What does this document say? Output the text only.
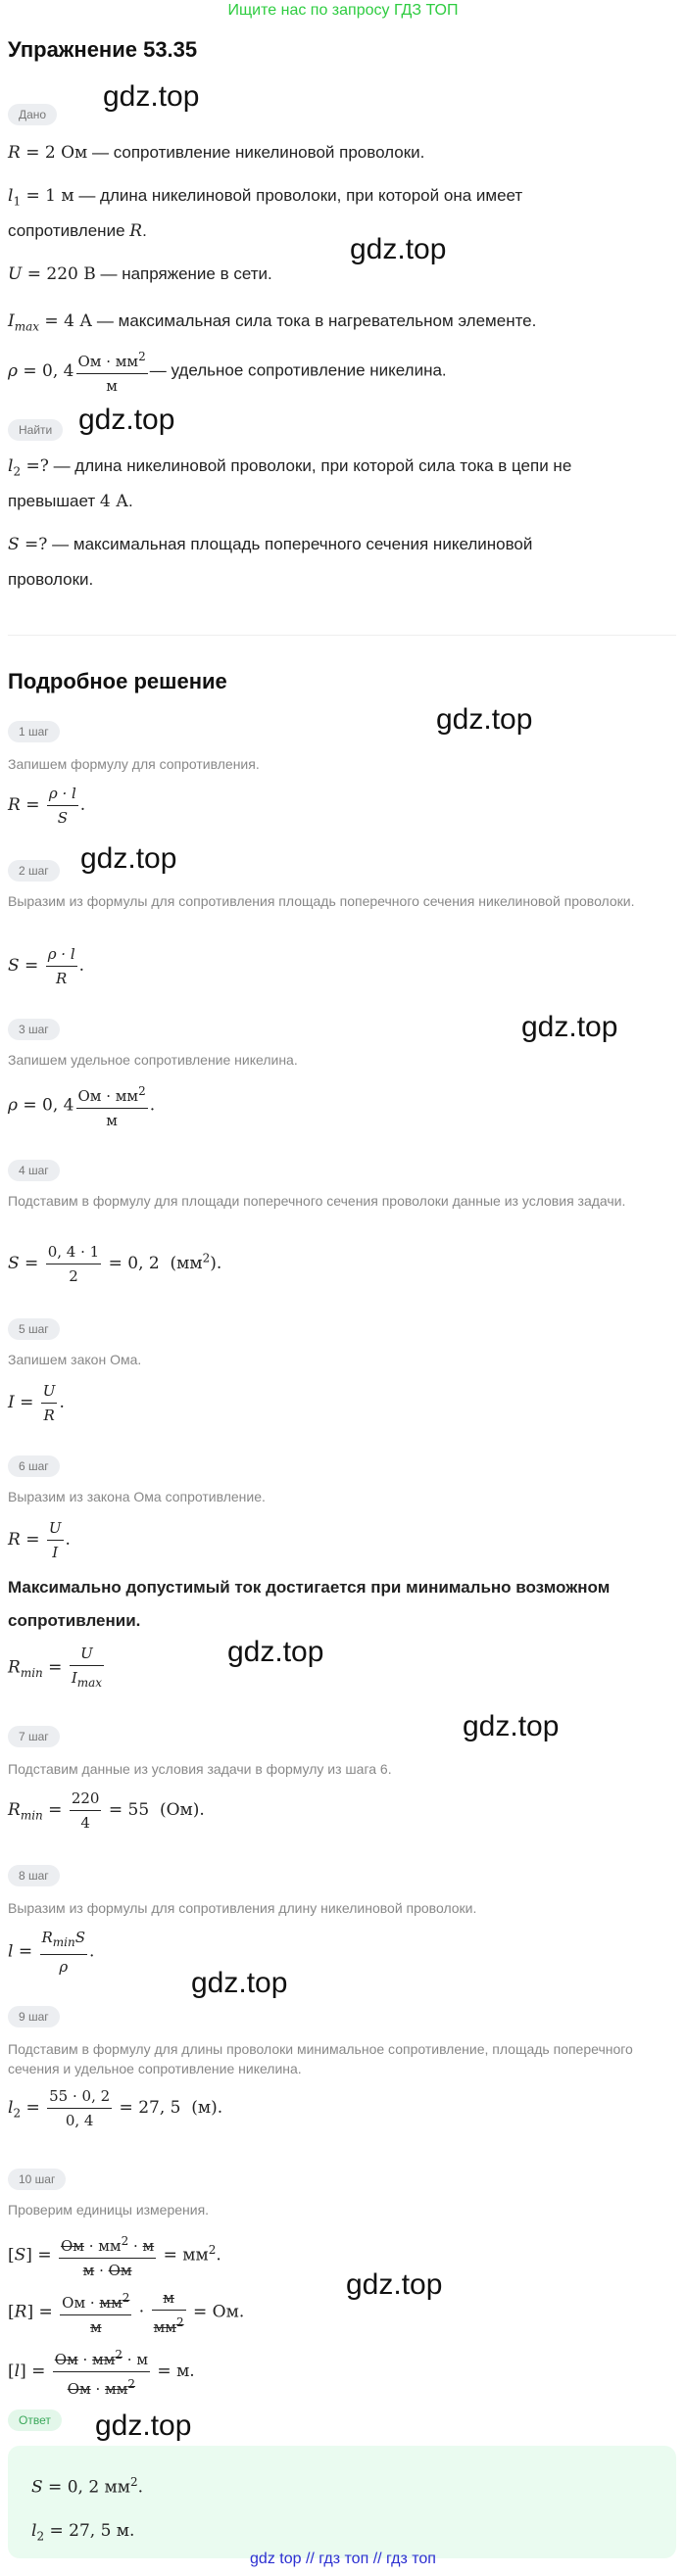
Ищите нас по запросу ГДЗ ТОП
Упражнение 53.35
gdz.top
gdz.top
gdz.top
gdz.top
gdz.top
gdz.top
gdz.top
gdz.top
gdz.top
gdz.top
gdz.top
Дано
R = 2 Ом — сопротивление никелиновой проволоки.
$l_1 = 1$ м — длина никелиновой проволоки, при которой она имеет
сопротивление R.
U = 220 В — напряжение в сети.
$I_{max} = 4$ А — максимальная сила тока в нагревательном элементе.
ρ = 0, $4 \frac{Ом \cdot мм^2}{м}$ — удельное сопротивление никелина.
Найти
$l_2$ =? — длина никелиновой проволоки, при которой сила тока в цепи не
превышает 4 А.
S =? — максимальная площадь поперечного сечения никелиновой
проволоки.
Подробное решение
1 шаг
Запишем формулу для сопротивления.
$R = \frac{\rho \cdot l}{S}$ .
2 шаг
Выразим из формулы для сопротивления площадь поперечного сечения никелиновой проволоки.
$S = \frac{\rho \cdot l}{R}$ .
3 шаг
Запишем удельное сопротивление никелина.
ρ = 0, $4 \frac{Ом \cdot мм^2}{м}$ .
4 шаг
Подставим в формулу для площади поперечного сечения проволоки данные из условия задачи.
$S = \frac{0, 4 \cdot 1}{2} = 0$, 2  $(мм^2)$.
5 шаг
Запишем закон Ома.
$I = \frac{U}{R}$ .
6 шаг
Выразим из закона Ома сопротивление.
$R = \frac{U}{I}$ .
Максимально допустимый ток достигается при минимально возможном сопротивлении.
$R_{min} = \frac{U}{I_{max}}$
7 шаг
Подставим данные из условия задачи в формулу из шага 6.
$R_{min} = \frac{220}{4} = 55$  (Ом).
8 шаг
Выразим из формулы для сопротивления длину никелиновой проволоки.
$l = \frac{R_{min}S}{\rho}$ .
9 шаг
Подставим в формулу для длины проволоки минимальное сопротивление, площадь поперечного сечения и удельное сопротивление никелина.
$l_2 = \frac{55 \cdot 0, 2}{0, 4} = 27$, 5  (м).
10 шаг
Проверим единицы измерения.
$[S] = \frac{Ом \cdot мм^2 \cdot м}{м \cdot Ом} = мм^2$.
$[R] = \frac{Ом \cdot мм^2}{м} \cdot \frac{м}{мм^2}$ = Ом.
$[l] = \frac{Ом \cdot мм^2 \cdot м}{Ом \cdot мм^2} = м$.
Ответ
S = 0, 2 $мм^2$.
$l_2 = 27$, 5 м.
gdz top // гдз топ // гдз топ
